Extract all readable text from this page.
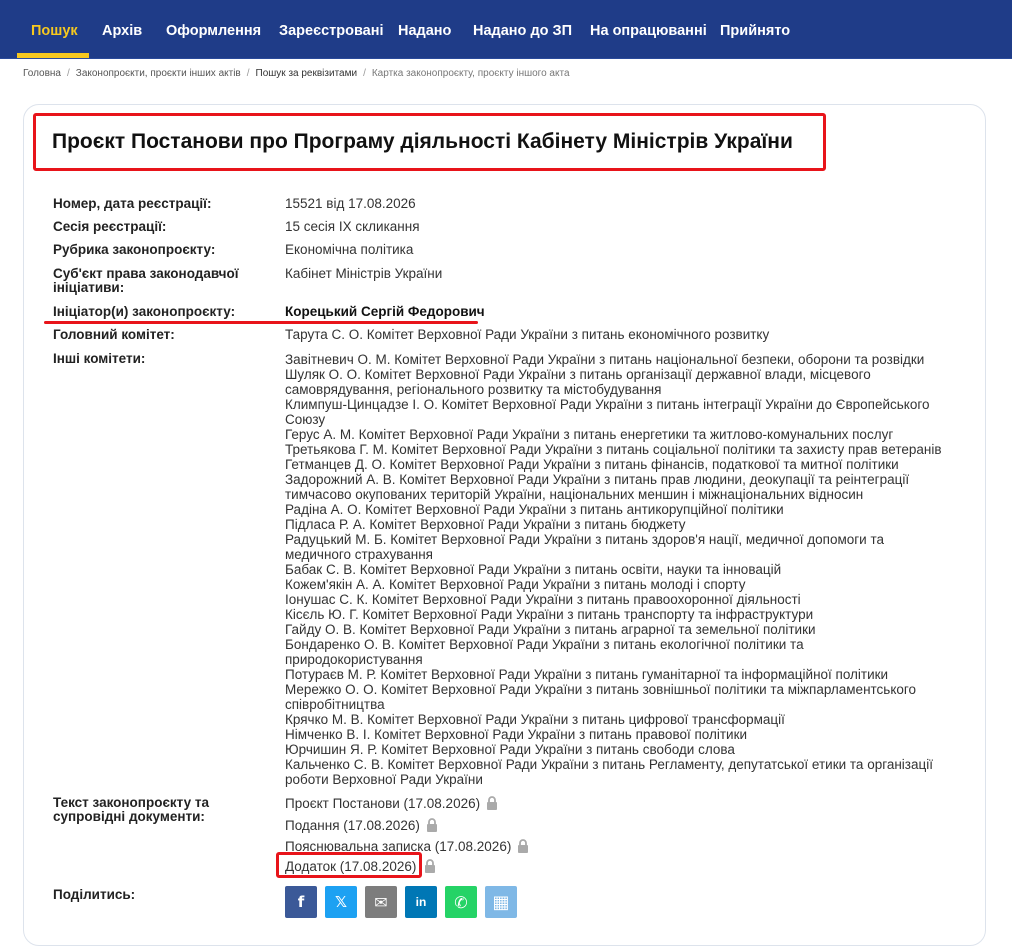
Пошук Архів Оформлення Зареєстровані Надано Надано до ЗП На опрацюванні Прийнято
Головна / Законопроєкти, проєкти інших актів / Пошук за реквізитами / Картка законопроєкту, проєкту іншого акта
Проєкт Постанови про Програму діяльності Кабінету Міністрів України
Номер, дата реєстрації:	15521 від 17.08.2026
Сесія реєстрації:	15 сесія IX скликання
Рубрика законопроєкту:	Економічна політика
Суб'єкт права законодавчої
ініціативи:
Кабінет Міністрів України
Ініціатор(и) законопроєкту:	Корецький Сергій Федорович
Головний комітет:	Тарута С. О. Комітет Верховної Ради України з питань економічного розвитку
Інші комітети:	Завітневич О. М. Комітет Верховної Ради України з питань національної безпеки, оборони та розвідки
Шуляк О. О. Комітет Верховної Ради України з питань організації державної влади, місцевого
самоврядування, регіонального розвитку та містобудування
Климпуш-Цинцадзе І. О. Комітет Верховної Ради України з питань інтеграції України до Європейського
Союзу
Герус А. М. Комітет Верховної Ради України з питань енергетики та житлово-комунальних послуг
Третьякова Г. М. Комітет Верховної Ради України з питань соціальної політики та захисту прав ветеранів
Гетманцев Д. О. Комітет Верховної Ради України з питань фінансів, податкової та митної політики
Задорожний А. В. Комітет Верховної Ради України з питань прав людини, деокупації та реінтеграції
тимчасово окупованих територій України, національних меншин і міжнаціональних відносин
Радіна А. О. Комітет Верховної Ради України з питань антикорупційної політики
Підласа Р. А. Комітет Верховної Ради України з питань бюджету
Радуцький М. Б. Комітет Верховної Ради України з питань здоров'я нації, медичної допомоги та
медичного страхування
Бабак С. В. Комітет Верховної Ради України з питань освіти, науки та інновацій
Кожем'якін А. А. Комітет Верховної Ради України з питань молоді і спорту
Іонушас С. К. Комітет Верховної Ради України з питань правоохоронної діяльності
Кісєль Ю. Г. Комітет Верховної Ради України з питань транспорту та інфраструктури
Гайду О. В. Комітет Верховної Ради України з питань аграрної та земельної політики
Бондаренко О. В. Комітет Верховної Ради України з питань екологічної політики та
природокористування
Потураєв М. Р. Комітет Верховної Ради України з питань гуманітарної та інформаційної політики
Мережко О. О. Комітет Верховної Ради України з питань зовнішньої політики та міжпарламентського
співробітництва
Крячко М. В. Комітет Верховної Ради України з питань цифрової трансформації
Німченко В. І. Комітет Верховної Ради України з питань правової політики
Юрчишин Я. Р. Комітет Верховної Ради України з питань свободи слова
Кальченко С. В. Комітет Верховної Ради України з питань Регламенту, депутатської етики та організації
роботи Верховної Ради України
Текст законопроєкту та
супровідні документи:
Проєкт Постанови (17.08.2026)
Подання (17.08.2026)
Пояснювальна записка (17.08.2026)
Додаток (17.08.2026)
Поділитись:	f 𝕏 ✉ in ✆ ▦
